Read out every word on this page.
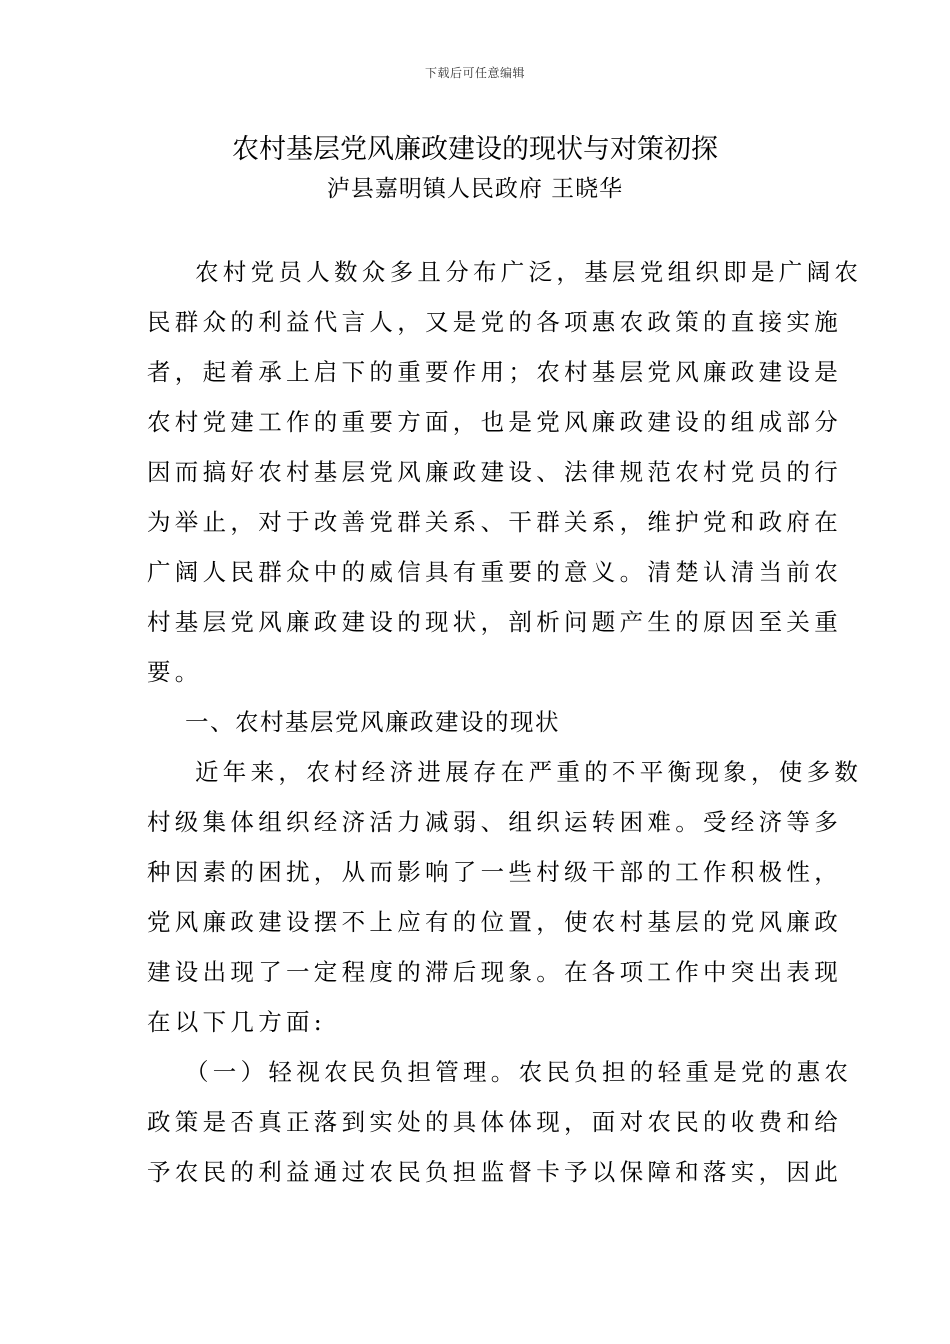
下载后可任意编辑
农村基层党风廉政建设的现状与对策初探
泸县嘉明镇人民政府 王晓华
农村党员人数众多且分布广泛，基层党组织即是广阔农
民群众的利益代言人，又是党的各项惠农政策的直接实施
者，起着承上启下的重要作用；农村基层党风廉政建设是
农村党建工作的重要方面，也是党风廉政建设的组成部分
因而搞好农村基层党风廉政建设、法律规范农村党员的行
为举止，对于改善党群关系、干群关系，维护党和政府在
广阔人民群众中的威信具有重要的意义。清楚认清当前农
村基层党风廉政建设的现状，剖析问题产生的原因至关重
要。
一、农村基层党风廉政建设的现状
近年来，农村经济进展存在严重的不平衡现象，使多数
村级集体组织经济活力减弱、组织运转困难。受经济等多
种因素的困扰，从而影响了一些村级干部的工作积极性，
党风廉政建设摆不上应有的位置，使农村基层的党风廉政
建设出现了一定程度的滞后现象。在各项工作中突出表现
在以下几方面:
（一）轻视农民负担管理。农民负担的轻重是党的惠农
政策是否真正落到实处的具体体现，面对农民的收费和给
予农民的利益通过农民负担监督卡予以保障和落实，因此
